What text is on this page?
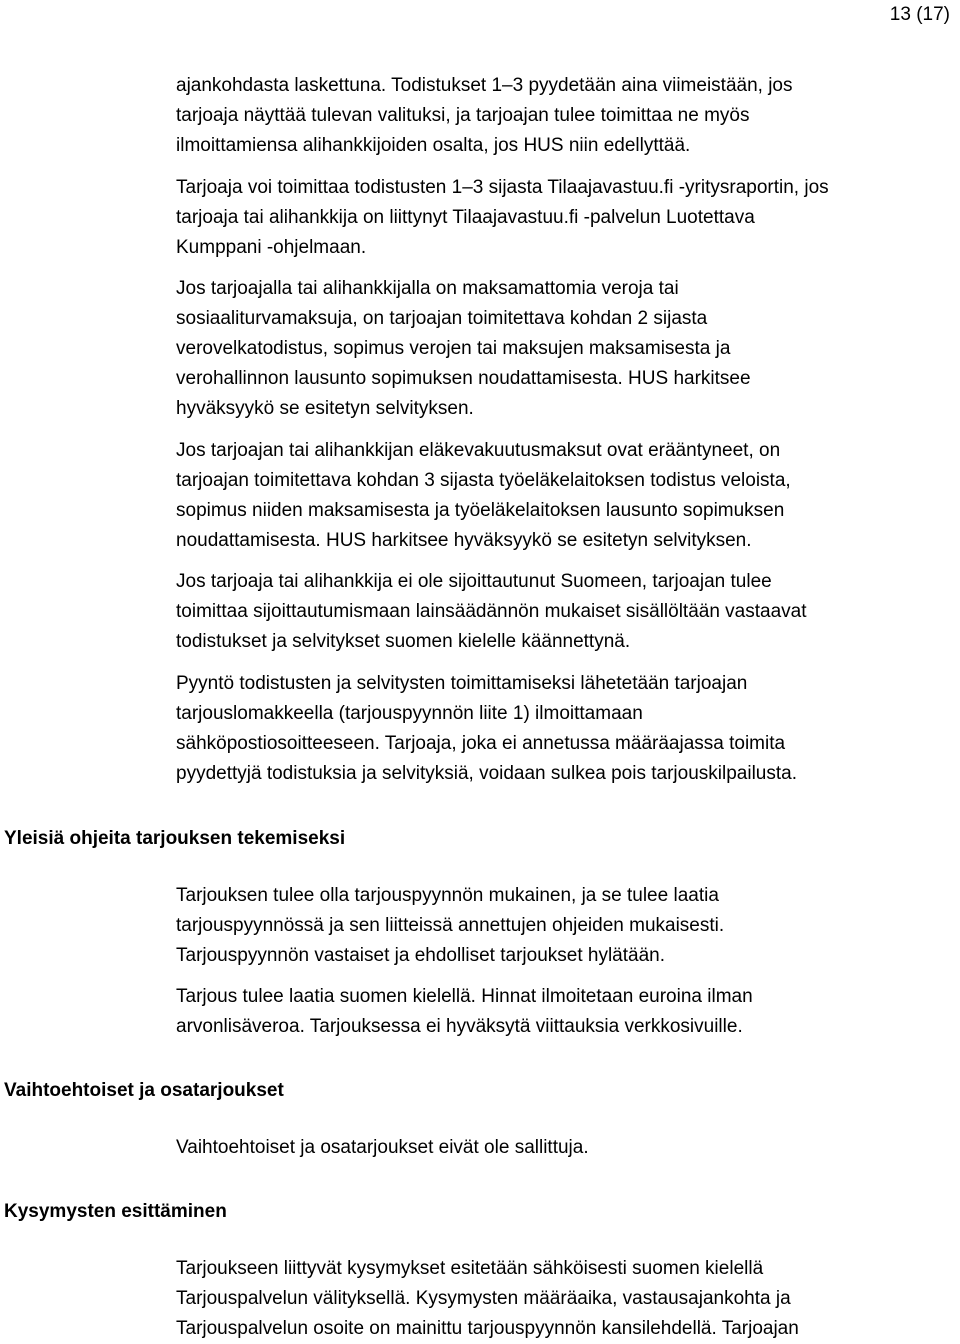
13 (17)

ajankohdasta laskettuna. Todistukset 1–3 pyydetään aina viimeistään, jos
tarjoaja näyttää tulevan valituksi, ja tarjoajan tulee toimittaa ne myös
ilmoittamiensa alihankkijoiden osalta, jos HUS niin edellyttää.

Tarjoaja voi toimittaa todistusten 1–3 sijasta Tilaajavastuu.fi -yritysraportin, jos
tarjoaja tai alihankkija on liittynyt Tilaajavastuu.fi -palvelun Luotettava
Kumppani -ohjelmaan.

Jos tarjoajalla tai alihankkijalla on maksamattomia veroja tai
sosiaaliturvamaksuja, on tarjoajan toimitettava kohdan 2 sijasta
verovelkatodistus, sopimus verojen tai maksujen maksamisesta ja
verohallinnon lausunto sopimuksen noudattamisesta. HUS harkitsee
hyväksyykö se esitetyn selvityksen.

Jos tarjoajan tai alihankkijan eläkevakuutusmaksut ovat erääntyneet, on
tarjoajan toimitettava kohdan 3 sijasta työeläkelaitoksen todistus veloista,
sopimus niiden maksamisesta ja työeläkelaitoksen lausunto sopimuksen
noudattamisesta. HUS harkitsee hyväksyykö se esitetyn selvityksen.

Jos tarjoaja tai alihankkija ei ole sijoittautunut Suomeen, tarjoajan tulee
toimittaa sijoittautumismaan lainsäädännön mukaiset sisällöltään vastaavat
todistukset ja selvitykset suomen kielelle käännettynä.

Pyyntö todistusten ja selvitysten toimittamiseksi lähetetään tarjoajan
tarjouslomakkeella (tarjouspyynnön liite 1) ilmoittamaan
sähköpostiosoitteeseen. Tarjoaja, joka ei annetussa määräajassa toimita
pyydettyjä todistuksia ja selvityksiä, voidaan sulkea pois tarjouskilpailusta.

Yleisiä ohjeita tarjouksen tekemiseksi

Tarjouksen tulee olla tarjouspyynnön mukainen, ja se tulee laatia
tarjouspyynnössä ja sen liitteissä annettujen ohjeiden mukaisesti.
Tarjouspyynnön vastaiset ja ehdolliset tarjoukset hylätään.

Tarjous tulee laatia suomen kielellä. Hinnat ilmoitetaan euroina ilman
arvonlisäveroa. Tarjouksessa ei hyväksytä viittauksia verkkosivuille.

Vaihtoehtoiset ja osatarjoukset

Vaihtoehtoiset ja osatarjoukset eivät ole sallittuja.

Kysymysten esittäminen

Tarjoukseen liittyvät kysymykset esitetään sähköisesti suomen kielellä
Tarjouspalvelun välityksellä. Kysymysten määräaika, vastausajankohta ja
Tarjouspalvelun osoite on mainittu tarjouspyynnön kansilehdellä. Tarjoajan
